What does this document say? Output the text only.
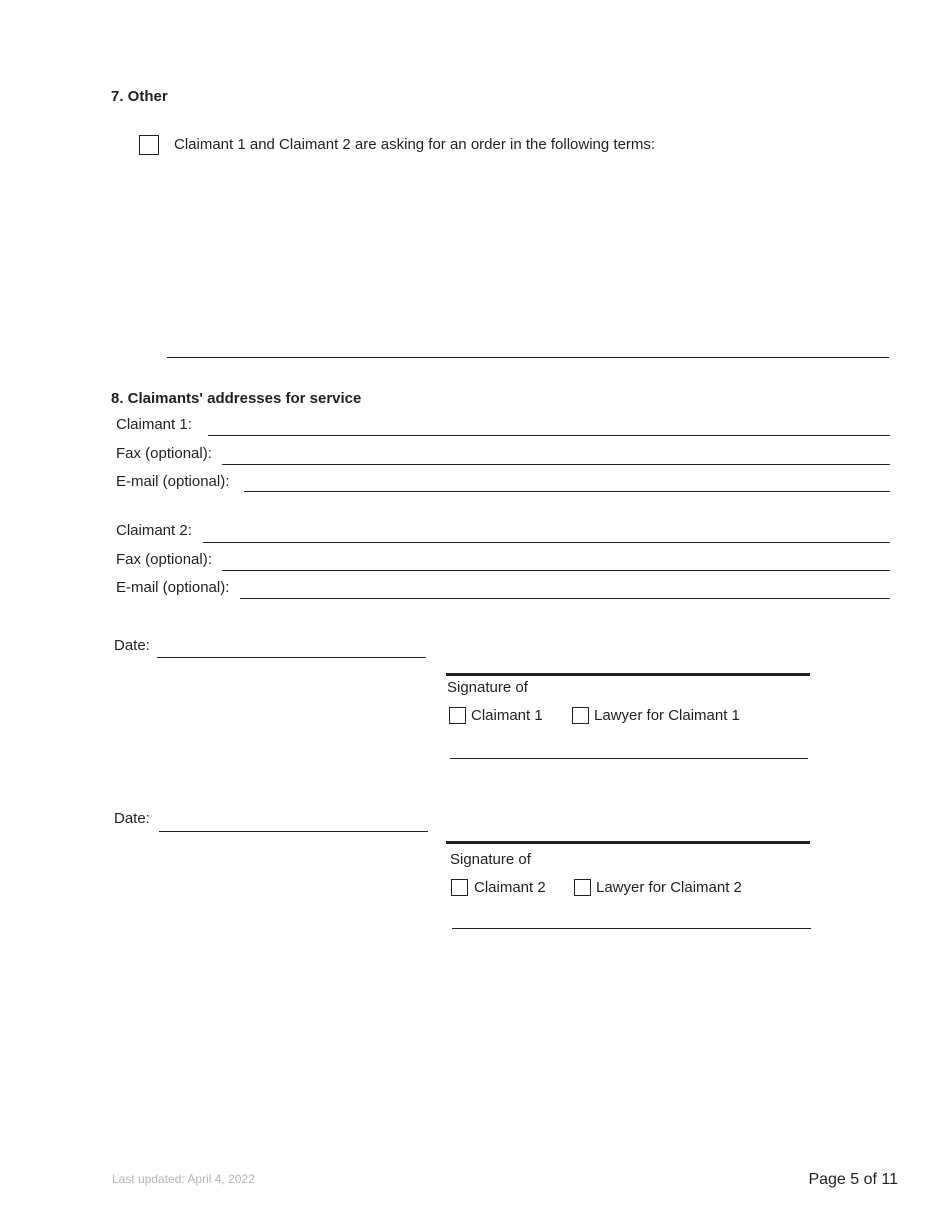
7. Other
Claimant 1 and Claimant 2 are asking for an order in the following terms:
8. Claimants' addresses for service
Claimant 1:
Fax (optional):
E-mail (optional):
Claimant 2:
Fax (optional):
E-mail (optional):
Date:
Signature of
Claimant 1	Lawyer for Claimant 1
Date:
Signature of
Claimant 2	Lawyer for Claimant 2
Last updated: April 4, 2022	Page 5 of 11
